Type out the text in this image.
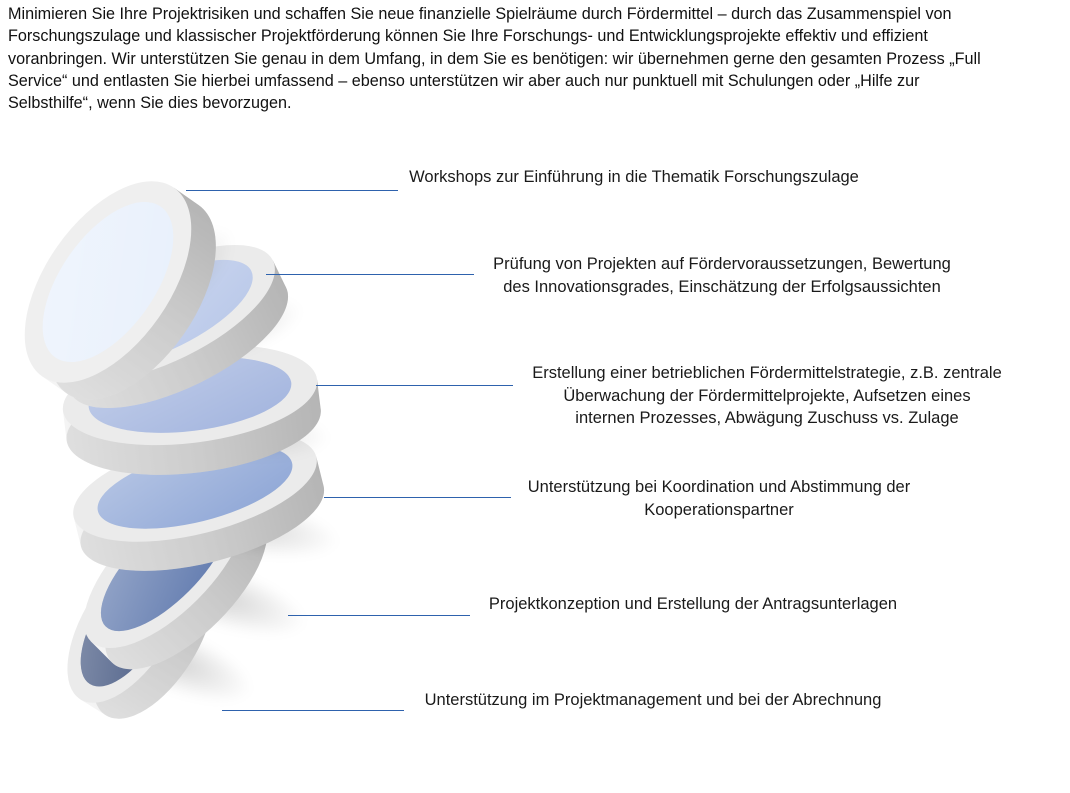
Minimieren Sie Ihre Projektrisiken und schaffen Sie neue finanzielle Spielräume durch Fördermittel – durch das Zusammenspiel von Forschungszulage und klassischer Projektförderung können Sie Ihre Forschungs- und Entwicklungsprojekte effektiv und effizient voranbringen. Wir unterstützen Sie genau in dem Umfang, in dem Sie es benötigen: wir übernehmen gerne den gesamten Prozess „Full Service“ und entlasten Sie hierbei umfassend – ebenso unterstützen wir aber auch nur punktuell mit Schulungen oder „Hilfe zur Selbsthilfe“, wenn Sie dies bevorzugen.

Workshops zur Einführung in die Thematik Forschungszulage
Prüfung von Projekten auf Fördervoraussetzungen, Bewertung
des Innovationsgrades, Einschätzung der Erfolgsaussichten
Erstellung einer betrieblichen Fördermittelstrategie, z.B. zentrale
Überwachung der Fördermittelprojekte, Aufsetzen eines
internen Prozesses, Abwägung Zuschuss vs. Zulage
Unterstützung bei Koordination und Abstimmung der
Kooperationspartner
Projektkonzeption und Erstellung der Antragsunterlagen
Unterstützung im Projektmanagement und bei der Abrechnung
